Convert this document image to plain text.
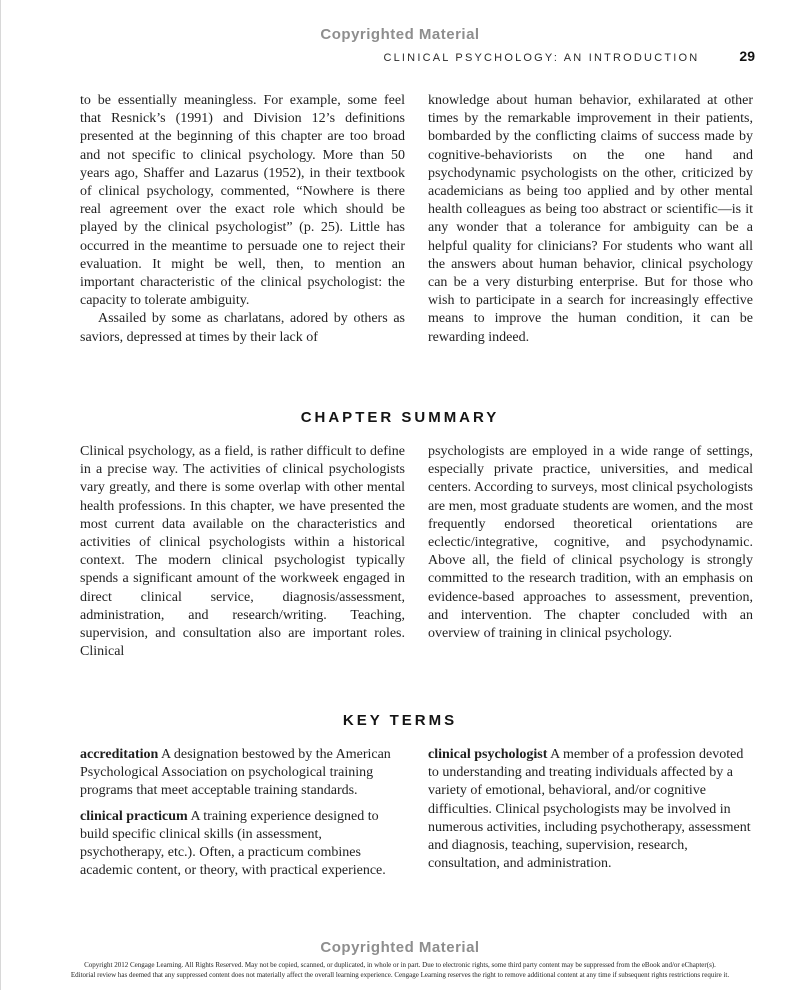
Copyrighted Material
CLINICAL PSYCHOLOGY: AN INTRODUCTION	29

to be essentially meaningless. For example, some feel that Resnick’s (1991) and Division 12’s definitions presented at the beginning of this chapter are too broad and not specific to clinical psychology. More than 50 years ago, Shaffer and Lazarus (1952), in their textbook of clinical psychology, commented, “Nowhere is there real agreement over the exact role which should be played by the clinical psychologist” (p. 25). Little has occurred in the meantime to persuade one to reject their evaluation. It might be well, then, to mention an important characteristic of the clinical psychologist: the capacity to tolerate ambiguity.

Assailed by some as charlatans, adored by others as saviors, depressed at times by their lack of

knowledge about human behavior, exhilarated at other times by the remarkable improvement in their patients, bombarded by the conflicting claims of success made by cognitive-behaviorists on the one hand and psychodynamic psychologists on the other, criticized by academicians as being too applied and by other mental health colleagues as being too abstract or scientific—is it any wonder that a tolerance for ambiguity can be a helpful quality for clinicians? For students who want all the answers about human behavior, clinical psychology can be a very disturbing enterprise. But for those who wish to participate in a search for increasingly effective means to improve the human condition, it can be rewarding indeed.

CHAPTER SUMMARY

Clinical psychology, as a field, is rather difficult to define in a precise way. The activities of clinical psychologists vary greatly, and there is some overlap with other mental health professions. In this chapter, we have presented the most current data available on the characteristics and activities of clinical psychologists within a historical context. The modern clinical psychologist typically spends a significant amount of the workweek engaged in direct clinical service, diagnosis/assessment, administration, and research/writing. Teaching, supervision, and consultation also are important roles. Clinical

psychologists are employed in a wide range of settings, especially private practice, universities, and medical centers. According to surveys, most clinical psychologists are men, most graduate students are women, and the most frequently endorsed theoretical orientations are eclectic/integrative, cognitive, and psychodynamic. Above all, the field of clinical psychology is strongly committed to the research tradition, with an emphasis on evidence-based approaches to assessment, prevention, and intervention. The chapter concluded with an overview of training in clinical psychology.

KEY TERMS

accreditation A designation bestowed by the American Psychological Association on psychological training programs that meet acceptable training standards.

clinical practicum A training experience designed to build specific clinical skills (in assessment, psychotherapy, etc.). Often, a practicum combines academic content, or theory, with practical experience.

clinical psychologist A member of a profession devoted to understanding and treating individuals affected by a variety of emotional, behavioral, and/or cognitive difficulties. Clinical psychologists may be involved in numerous activities, including psychotherapy, assessment and diagnosis, teaching, supervision, research, consultation, and administration.

Copyrighted Material
Copyright 2012 Cengage Learning. All Rights Reserved. May not be copied, scanned, or duplicated, in whole or in part. Due to electronic rights, some third party content may be suppressed from the eBook and/or eChapter(s).
Editorial review has deemed that any suppressed content does not materially affect the overall learning experience. Cengage Learning reserves the right to remove additional content at any time if subsequent rights restrictions require it.
